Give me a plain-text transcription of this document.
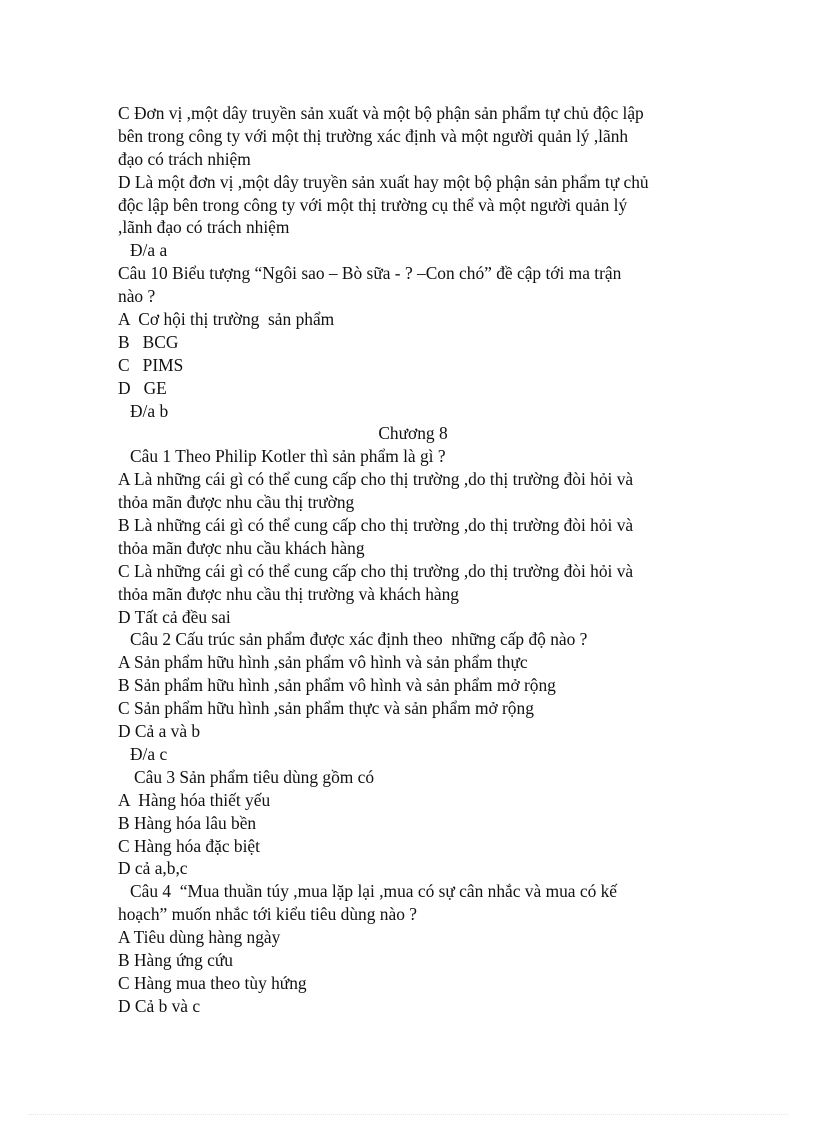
C Đơn vị ,một dây truyền sản xuất và một bộ phận sản phẩm tự chủ độc lập
bên trong công ty với một thị trường xác định và một người quản lý ,lãnh
đạo có trách nhiệm
D Là một đơn vị ,một dây truyền sản xuất hay một bộ phận sản phẩm tự chủ
độc lập bên trong công ty với một thị trường cụ thể và một người quản lý
,lãnh đạo có trách nhiệm
Đ/a a
Câu 10 Biểu tượng “Ngôi sao – Bò sữa - ? –Con chó” đề cập tới ma trận
nào ?
A  Cơ hội thị trường  sản phẩm
B   BCG
C   PIMS
D   GE
Đ/a b
Chương 8
Câu 1 Theo Philip Kotler thì sản phẩm là gì ?
A Là những cái gì có thể cung cấp cho thị trường ,do thị trường đòi hỏi và
thỏa mãn được nhu cầu thị trường
B Là những cái gì có thể cung cấp cho thị trường ,do thị trường đòi hỏi và
thỏa mãn được nhu cầu khách hàng
C Là những cái gì có thể cung cấp cho thị trường ,do thị trường đòi hỏi và
thỏa mãn được nhu cầu thị trường và khách hàng
D Tất cả đều sai
Câu 2 Cấu trúc sản phẩm được xác định theo  những cấp độ nào ?
A Sản phẩm hữu hình ,sản phẩm vô hình và sản phẩm thực
B Sản phẩm hữu hình ,sản phẩm vô hình và sản phẩm mở rộng
C Sản phẩm hữu hình ,sản phẩm thực và sản phẩm mở rộng
D Cả a và b
Đ/a c
Câu 3 Sản phẩm tiêu dùng gồm có
A  Hàng hóa thiết yếu
B Hàng hóa lâu bền
C Hàng hóa đặc biệt
D cả a,b,c
Câu 4  “Mua thuần túy ,mua lặp lại ,mua có sự cân nhắc và mua có kế
hoạch” muốn nhắc tới kiểu tiêu dùng nào ?
A Tiêu dùng hàng ngày
B Hàng ứng cứu
C Hàng mua theo tùy hứng
D Cả b và c
